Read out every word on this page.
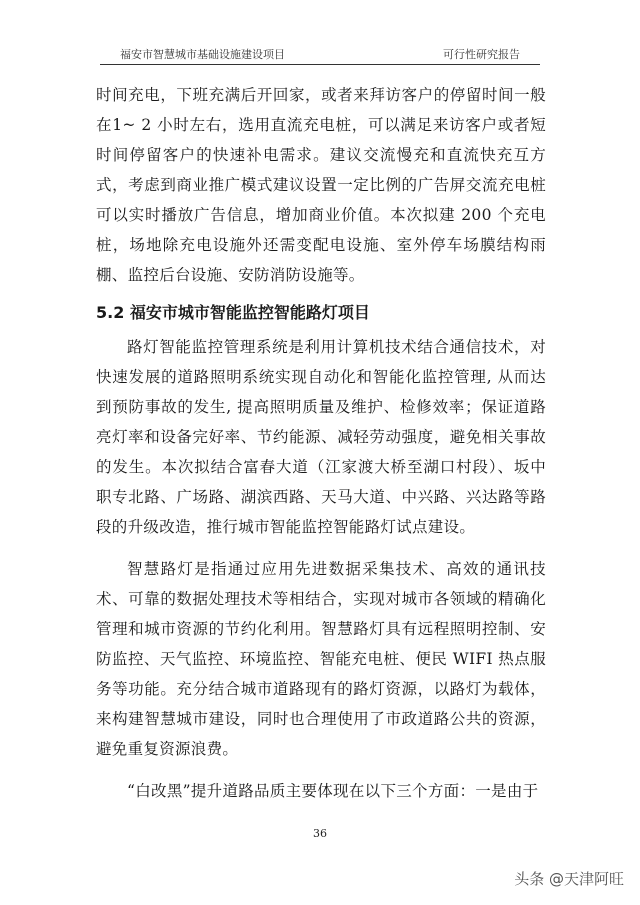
福安市智慧城市基础设施建设项目	可行性研究报告

时间充电，下班充满后开回家，或者来拜访客户的停留时间一般在1~ 2 小时左右，选用直流充电桩，可以满足来访客户或者短时间停留客户的快速补电需求。建议交流慢充和直流快充互方式，考虑到商业推广模式建议设置一定比例的广告屏交流充电桩可以实时播放广告信息，增加商业价值。本次拟建 200 个充电桩，场地除充电设施外还需变配电设施、室外停车场膜结构雨棚、监控后台设施、安防消防设施等。

5.2 福安市城市智能监控智能路灯项目

路灯智能监控管理系统是利用计算机技术结合通信技术，对快速发展的道路照明系统实现自动化和智能化监控管理, 从而达到预防事故的发生, 提高照明质量及维护、检修效率；保证道路亮灯率和设备完好率、节约能源、减轻劳动强度，避免相关事故的发生。本次拟结合富春大道（江家渡大桥至湖口村段）、坂中职专北路、广场路、湖滨西路、天马大道、中兴路、兴达路等路段的升级改造，推行城市智能监控智能路灯试点建设。

智慧路灯是指通过应用先进数据采集技术、高效的通讯技术、可靠的数据处理技术等相结合，实现对城市各领域的精确化管理和城市资源的节约化利用。智慧路灯具有远程照明控制、安防监控、天气监控、环境监控、智能充电桩、便民 WIFI 热点服务等功能。充分结合城市道路现有的路灯资源，以路灯为载体，来构建智慧城市建设，同时也合理使用了市政道路公共的资源，避免重复资源浪费。

“白改黑”提升道路品质主要体现在以下三个方面：一是由于

36
头条 @天津阿旺
